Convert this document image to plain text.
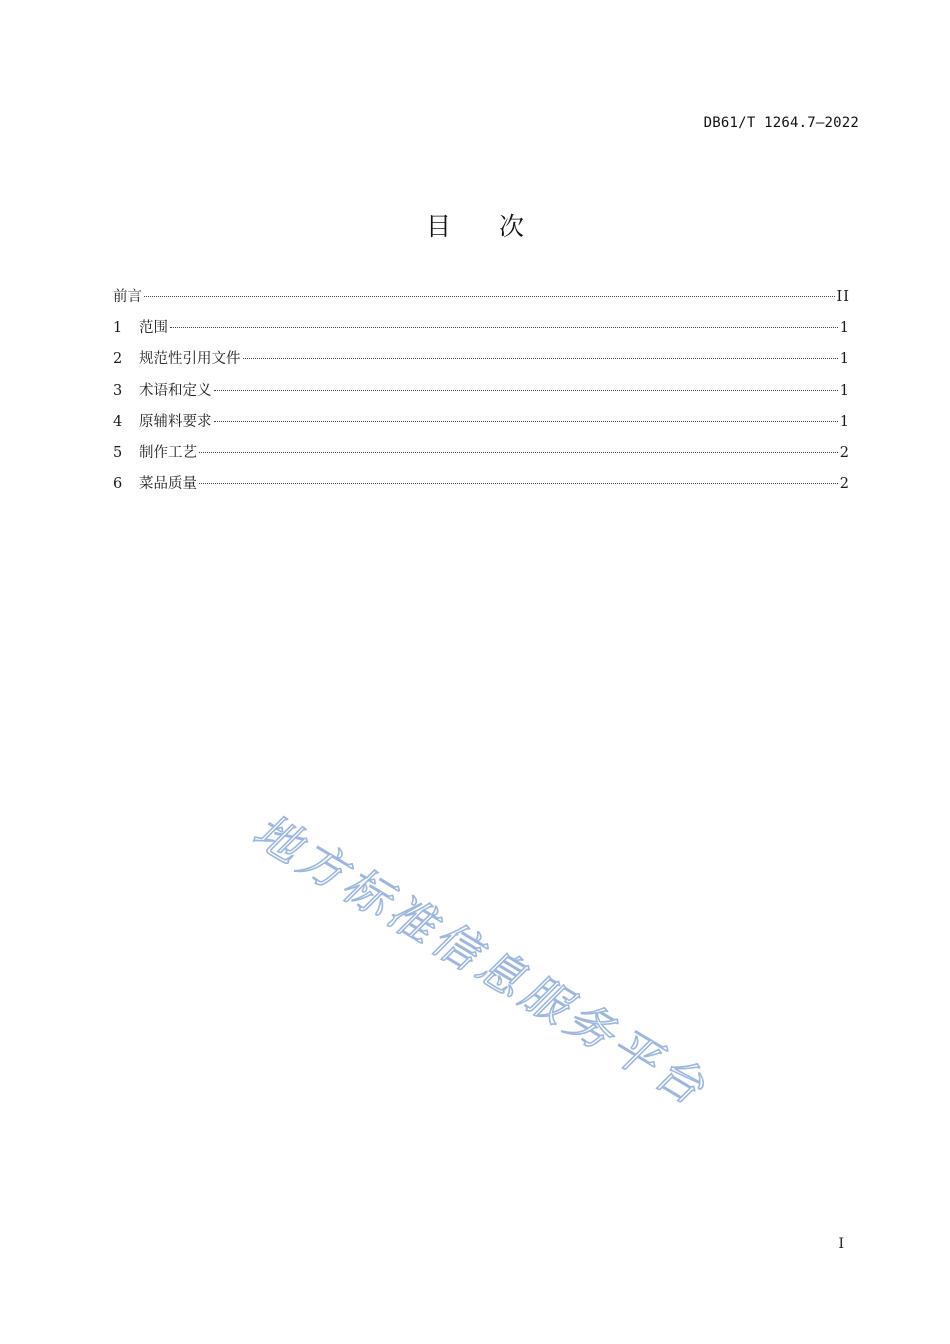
DB61/T 1264.7—2022
目次
前言	II
1	范围	1
2	规范性引用文件	1
3	术语和定义	1
4	原辅料要求	1
5	制作工艺	2
6	菜品质量	2
地方标准信息服务平台
I
